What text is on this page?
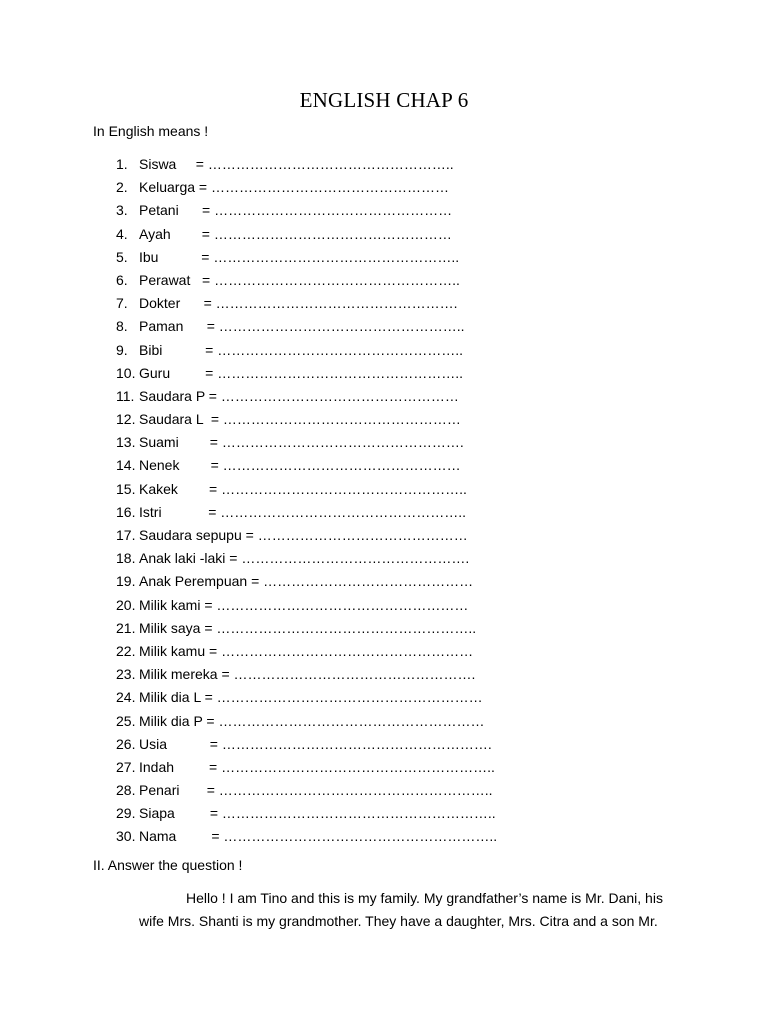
ENGLISH CHAP 6
In English means !
1. Siswa     = ……………………………………………..
2. Keluarga = ……………………………………………
3. Petani      = ……………………………………………
4. Ayah        = ……………………………………………
5. Ibu           = ……………………………………………..
6. Perawat   = ……………………………………………..
7. Dokter      = …………………………………………….
8. Paman      = ……………………………………………..
9. Bibi           = ……………………………………………..
10. Guru         = ……………………………………………..
11. Saudara P = ……………………………………………
12. Saudara L  = ……………………………………………
13. Suami        = …………………………………………….
14. Nenek        = ……………………………………………
15. Kakek        = ……………………………………………..
16. Istri            = ……………………………………………..
17. Saudara sepupu = ………………………………………
18. Anak laki -laki = ………………………………………….
19. Anak Perempuan = ………………………………………
20. Milik kami = ………………………………………………
21. Milik saya = ………………………………………………..
22. Milik kamu = ………………………………………………
23. Milik mereka = …………………………………………….
24. Milik dia L = …………………………………………………
25. Milik dia P = …………………………………………………
26. Usia           = ………………………………………………….
27. Indah         = …………………………………………………..
28. Penari       = …………………………………………………..
29. Siapa         = …………………………………………………..
30. Nama         = …………………………………………………..
II. Answer the question !
Hello ! I am Tino and this is my family. My grandfather’s name is Mr. Dani, his
wife Mrs. Shanti is my grandmother. They have a daughter, Mrs. Citra and a son Mr.
